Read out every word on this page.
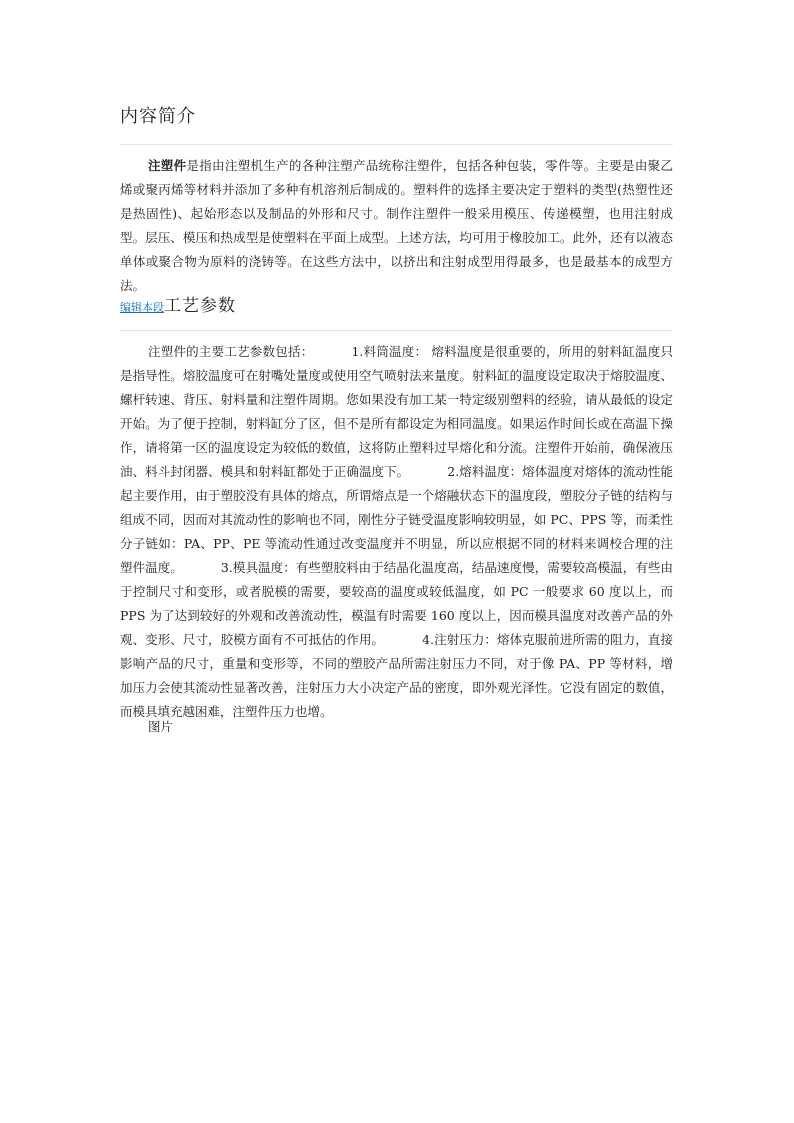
内容简介

注塑件是指由注塑机生产的各种注塑产品统称注塑件，包括各种包装，零件等。主要是由聚乙烯或聚丙烯等材料并添加了多种有机溶剂后制成的。塑料件的选择主要决定于塑料的类型(热塑性还是热固性)、起始形态以及制品的外形和尺寸。制作注塑件一般采用模压、传递模塑，也用注射成型。层压、模压和热成型是使塑料在平面上成型。上述方法，均可用于橡胶加工。此外，还有以液态单体或聚合物为原料的浇铸等。在这些方法中，以挤出和注射成型用得最多，也是最基本的成型方法。

编辑本段工艺参数

注塑件的主要工艺参数包括：	1.料筒温度： 熔料温度是很重要的，所用的射料缸温度只是指导性。熔胶温度可在射嘴处量度或使用空气喷射法来量度。射料缸的温度设定取决于熔胶温度、螺杆转速、背压、射料量和注塑件周期。您如果没有加工某一特定级别塑料的经验，请从最低的设定开始。为了便于控制，射料缸分了区，但不是所有都设定为相同温度。如果运作时间长或在高温下操作，请将第一区的温度设定为较低的数值，这将防止塑料过早熔化和分流。注塑件开始前，确保液压油、料斗封闭器、模具和射料缸都处于正确温度下。	2.熔料温度：熔体温度对熔体的流动性能起主要作用，由于塑胶没有具体的熔点，所谓熔点是一个熔融状态下的温度段，塑胶分子链的结构与组成不同，因而对其流动性的影响也不同，刚性分子链受温度影响较明显，如 PC、PPS 等，而柔性分子链如：PA、PP、PE 等流动性通过改变温度并不明显，所以应根据不同的材料来调校合理的注塑件温度。	3.模具温度：有些塑胶料由于结晶化温度高，结晶速度慢，需要较高模温，有些由于控制尺寸和变形，或者脱模的需要，要较高的温度或较低温度，如 PC 一般要求 60 度以上，而 PPS 为了达到较好的外观和改善流动性，模温有时需要 160 度以上，因而模具温度对改善产品的外观、变形、尺寸，胶模方面有不可抵估的作用。	4.注射压力：熔体克服前进所需的阻力，直接影响产品的尺寸，重量和变形等，不同的塑胶产品所需注射压力不同，对于像 PA、PP 等材料，增加压力会使其流动性显著改善，注射压力大小决定产品的密度，即外观光泽性。它没有固定的数值，而模具填充越困难，注塑件压力也增。

图片
